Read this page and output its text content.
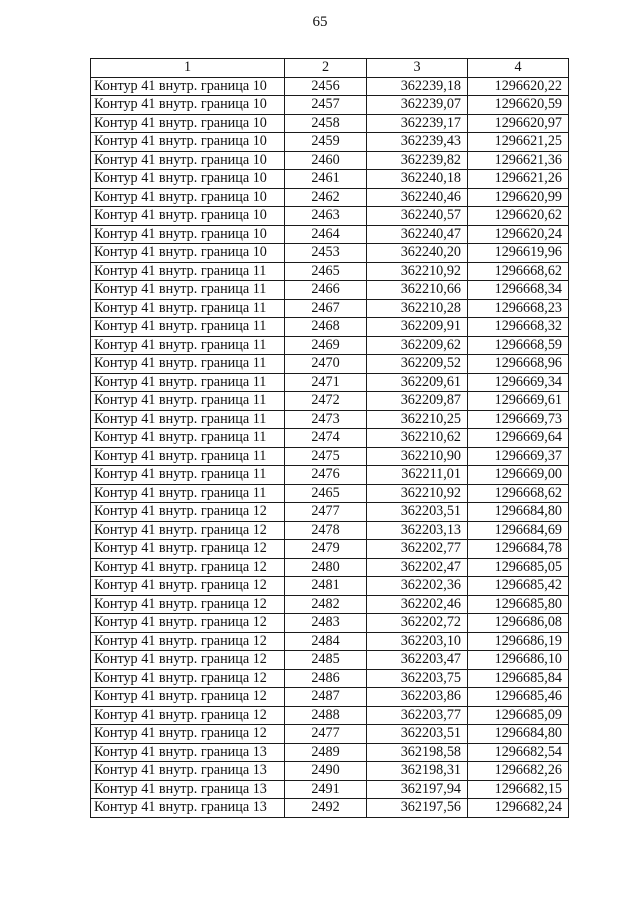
65
1	2	3	4
Контур 41 внутр. граница 10	2456	362239,18	1296620,22
Контур 41 внутр. граница 10	2457	362239,07	1296620,59
Контур 41 внутр. граница 10	2458	362239,17	1296620,97
Контур 41 внутр. граница 10	2459	362239,43	1296621,25
Контур 41 внутр. граница 10	2460	362239,82	1296621,36
Контур 41 внутр. граница 10	2461	362240,18	1296621,26
Контур 41 внутр. граница 10	2462	362240,46	1296620,99
Контур 41 внутр. граница 10	2463	362240,57	1296620,62
Контур 41 внутр. граница 10	2464	362240,47	1296620,24
Контур 41 внутр. граница 10	2453	362240,20	1296619,96
Контур 41 внутр. граница 11	2465	362210,92	1296668,62
Контур 41 внутр. граница 11	2466	362210,66	1296668,34
Контур 41 внутр. граница 11	2467	362210,28	1296668,23
Контур 41 внутр. граница 11	2468	362209,91	1296668,32
Контур 41 внутр. граница 11	2469	362209,62	1296668,59
Контур 41 внутр. граница 11	2470	362209,52	1296668,96
Контур 41 внутр. граница 11	2471	362209,61	1296669,34
Контур 41 внутр. граница 11	2472	362209,87	1296669,61
Контур 41 внутр. граница 11	2473	362210,25	1296669,73
Контур 41 внутр. граница 11	2474	362210,62	1296669,64
Контур 41 внутр. граница 11	2475	362210,90	1296669,37
Контур 41 внутр. граница 11	2476	362211,01	1296669,00
Контур 41 внутр. граница 11	2465	362210,92	1296668,62
Контур 41 внутр. граница 12	2477	362203,51	1296684,80
Контур 41 внутр. граница 12	2478	362203,13	1296684,69
Контур 41 внутр. граница 12	2479	362202,77	1296684,78
Контур 41 внутр. граница 12	2480	362202,47	1296685,05
Контур 41 внутр. граница 12	2481	362202,36	1296685,42
Контур 41 внутр. граница 12	2482	362202,46	1296685,80
Контур 41 внутр. граница 12	2483	362202,72	1296686,08
Контур 41 внутр. граница 12	2484	362203,10	1296686,19
Контур 41 внутр. граница 12	2485	362203,47	1296686,10
Контур 41 внутр. граница 12	2486	362203,75	1296685,84
Контур 41 внутр. граница 12	2487	362203,86	1296685,46
Контур 41 внутр. граница 12	2488	362203,77	1296685,09
Контур 41 внутр. граница 12	2477	362203,51	1296684,80
Контур 41 внутр. граница 13	2489	362198,58	1296682,54
Контур 41 внутр. граница 13	2490	362198,31	1296682,26
Контур 41 внутр. граница 13	2491	362197,94	1296682,15
Контур 41 внутр. граница 13	2492	362197,56	1296682,24
